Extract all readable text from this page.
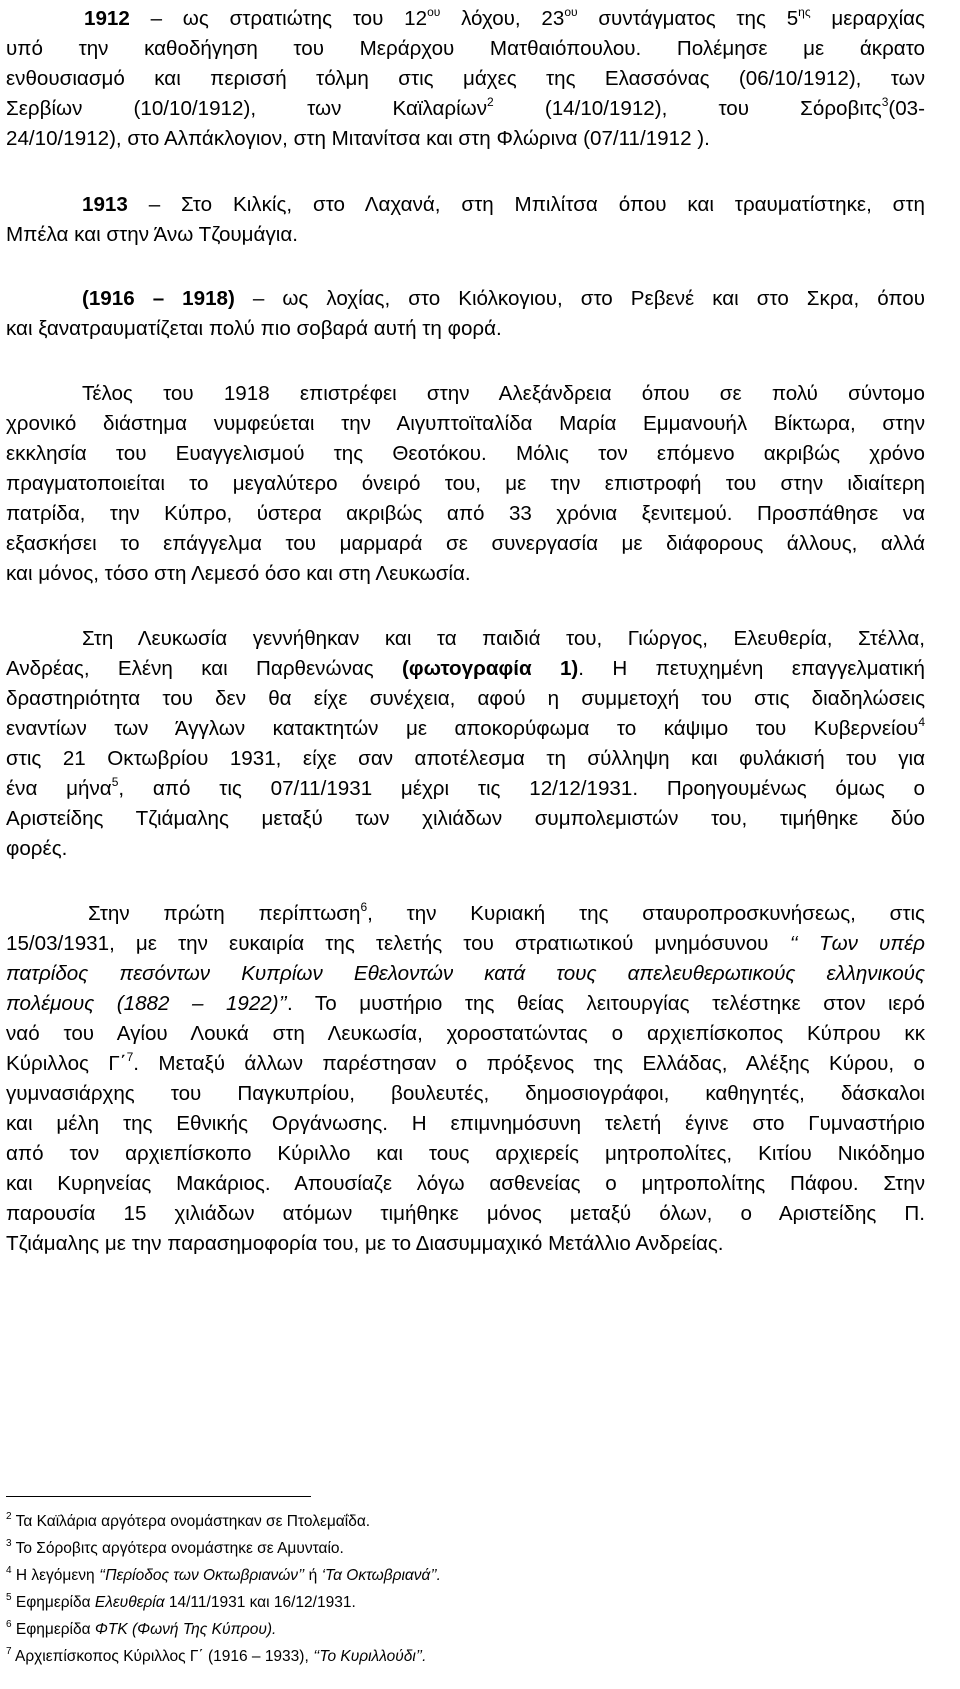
1912 – ως στρατιώτης του $12^{o\upsilon}$ λόχου, $23^{o\upsilon}$ συντάγματος της $5^{\eta\varsigma}$ μεραρχίας
υπό την καθοδήγηση του Μεράρχου Ματθαιόπουλου. Πολέμησε με άκρατο
ενθουσιασμό και περισσή τόλμη στις μάχες της Ελασσόνας (06/10/1912), των
Σερβίων (10/10/1912), των Καϊλαρίων$^2$ (14/10/1912), του Σόροβιτς$^3$(03-
24/10/1912), στο Αλπάκλογιον, στη Μιτανίτσα και στη Φλώρινα (07/11/1912 ).
1913 – Στο Κιλκίς, στο Λαχανά, στη Μπιλίτσα όπου και τραυματίστηκε, στη
Μπέλα και στην Άνω Τζουμάγια.
(1916 – 1918) – ως λοχίας, στο Κιόλκογιου, στο Ρεβενέ και στο Σκρα, όπου
και ξανατραυματίζεται πολύ πιο σοβαρά αυτή τη φορά.
Τέλος του 1918 επιστρέφει στην Αλεξάνδρεια όπου σε πολύ σύντομο
χρονικό διάστημα νυμφεύεται την Αιγυπτοϊταλίδα Μαρία Εμμανουήλ Βίκτωρα, στην
εκκλησία του Ευαγγελισμού της Θεοτόκου. Μόλις τον επόμενο ακριβώς χρόνο
πραγματοποιείται το μεγαλύτερο όνειρό του, με την επιστροφή του στην ιδιαίτερη
πατρίδα, την Κύπρο, ύστερα ακριβώς από 33 χρόνια ξενιτεμού. Προσπάθησε να
εξασκήσει το επάγγελμα του μαρμαρά σε συνεργασία με διάφορους άλλους, αλλά
και μόνος, τόσο στη Λεμεσό όσο και στη Λευκωσία.
Στη Λευκωσία γεννήθηκαν και τα παιδιά του, Γιώργος, Ελευθερία, Στέλλα,
Ανδρέας, Ελένη και Παρθενώνας (φωτογραφία 1). Η πετυχημένη επαγγελματική
δραστηριότητα του δεν θα είχε συνέχεια, αφού η συμμετοχή του στις διαδηλώσεις
εναντίων των Άγγλων κατακτητών με αποκορύφωμα το κάψιμο του Κυβερνείου$^4$
στις 21 Οκτωβρίου 1931, είχε σαν αποτέλεσμα τη σύλληψη και φυλάκισή του για
ένα μήνα$^5$, από τις 07/11/1931 μέχρι τις 12/12/1931. Προηγουμένως όμως ο
Αριστείδης Τζιάμαλης μεταξύ των χιλιάδων συμπολεμιστών του, τιμήθηκε δύο
φορές.
Στην πρώτη περίπτωση$^6$, την Κυριακή της σταυροπροσκυνήσεως, στις
15/03/1931, με την ευκαιρία της τελετής του στρατιωτικού μνημόσυνου ‘‘ Των υπέρ
πατρίδος πεσόντων Κυπρίων Εθελοντών κατά τους απελευθερωτικούς ελληνικούς
πολέμους (1882 – 1922)’’. Το μυστήριο της θείας λειτουργίας τελέστηκε στον ιερό
ναό του Αγίου Λουκά στη Λευκωσία, χοροστατώντας ο αρχιεπίσκοπος Κύπρου κκ
Κύριλλος Γ΄$^7$. Μεταξύ άλλων παρέστησαν ο πρόξενος της Ελλάδας, Αλέξης Κύρου, ο
γυμνασιάρχης του Παγκυπρίου, βουλευτές, δημοσιογράφοι, καθηγητές, δάσκαλοι
και μέλη της Εθνικής Οργάνωσης. Η επιμνημόσυνη τελετή έγινε στο Γυμναστήριο
από τον αρχιεπίσκοπο Κύριλλο και τους αρχιερείς μητροπολίτες, Κιτίου Νικόδημο
και Κυρηνείας Μακάριος. Απουσίαζε λόγω ασθενείας ο μητροπολίτης Πάφου. Στην
παρουσία 15 χιλιάδων ατόμων τιμήθηκε μόνος μεταξύ όλων, ο Αριστείδης Π.
Τζιάμαλης με την παρασημοφορία του, με το Διασυμμαχικό Μετάλλιο Ανδρείας.
$^2$ Τα Καϊλάρια αργότερα ονομάστηκαν σε Πτολεμαΐδα.
$^3$ Το Σόροβιτς αργότερα ονομάστηκε σε Αμυνταίο.
$^4$ Η λεγόμενη ‘‘Περίοδος των Οκτωβριανών’’ ή ‘Τα Οκτωβριανά’’.
$^5$ Εφημερίδα Ελευθερία 14/11/1931 και 16/12/1931.
$^6$ Εφημερίδα ΦΤΚ (Φωνή Της Κύπρου).
$^7$ Αρχιεπίσκοπος Κύριλλος Γ΄ (1916 – 1933), ‘‘Το Κυριλλούδι’’.
